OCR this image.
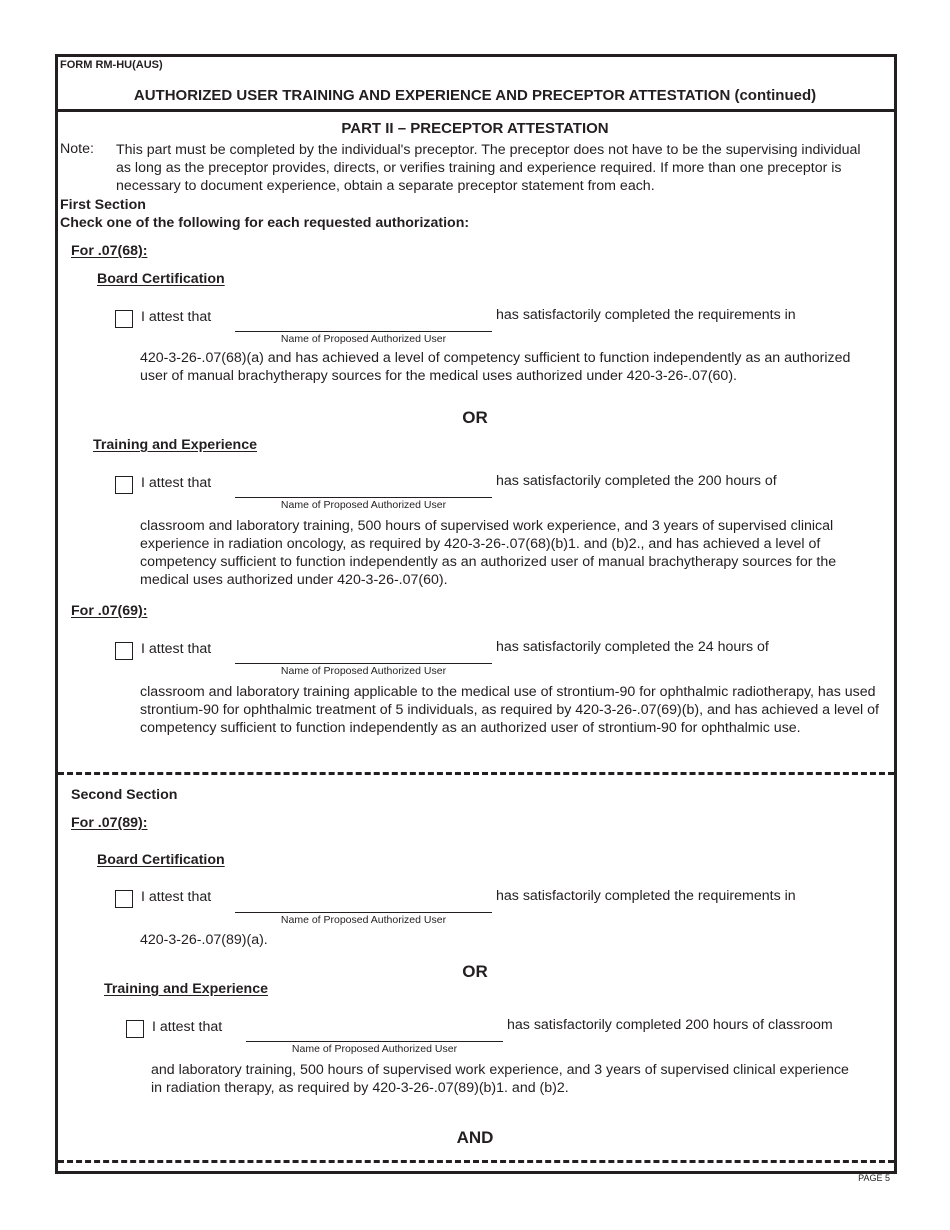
FORM RM-HU(AUS)
AUTHORIZED USER TRAINING AND EXPERIENCE AND PRECEPTOR ATTESTATION (continued)
PART II – PRECEPTOR ATTESTATION
Note: This part must be completed by the individual's preceptor. The preceptor does not have to be the supervising individual as long as the preceptor provides, directs, or verifies training and experience required. If more than one preceptor is necessary to document experience, obtain a separate preceptor statement from each.
First Section
Check one of the following for each requested authorization:
For .07(68):
Board Certification
I attest that
Name of Proposed Authorized User
has satisfactorily completed the requirements in
420-3-26-.07(68)(a) and has achieved a level of competency sufficient to function independently as an authorized user of manual brachytherapy sources for the medical uses authorized under 420-3-26-.07(60).
OR
Training and Experience
I attest that
Name of Proposed Authorized User
has satisfactorily completed the 200 hours of
classroom and laboratory training, 500 hours of supervised work experience, and 3 years of supervised clinical experience in radiation oncology, as required by 420-3-26-.07(68)(b)1. and (b)2., and has achieved a level of competency sufficient to function independently as an authorized user of manual brachytherapy sources for the medical uses authorized under 420-3-26-.07(60).
For .07(69):
I attest that
Name of Proposed Authorized User
has satisfactorily completed the 24 hours of
classroom and laboratory training applicable to the medical use of strontium-90 for ophthalmic radiotherapy, has used strontium-90 for ophthalmic treatment of 5 individuals, as required by 420-3-26-.07(69)(b), and has achieved a level of competency sufficient to function independently as an authorized user of strontium-90 for ophthalmic use.
Second Section
For .07(89):
Board Certification
I attest that
Name of Proposed Authorized User
has satisfactorily completed the requirements in
420-3-26-.07(89)(a).
OR
Training and Experience
I attest that
Name of Proposed Authorized User
has satisfactorily completed 200 hours of classroom
and laboratory training, 500 hours of supervised work experience, and 3 years of supervised clinical experience in radiation therapy, as required by 420-3-26-.07(89)(b)1. and (b)2.
AND
PAGE 5
